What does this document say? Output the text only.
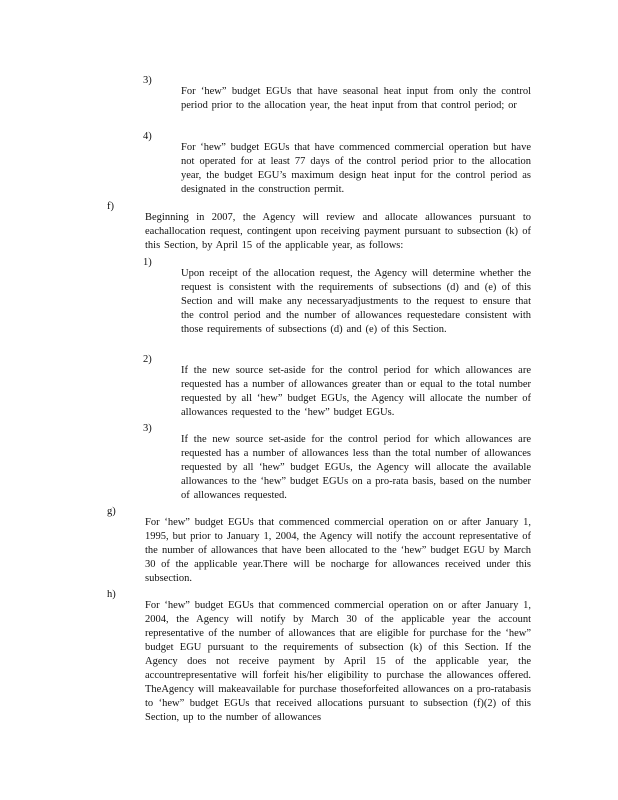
3)

For ‘hew” budget EGUs that have seasonal heat input from only the control period prior to the allocation year, the heat input from that control period; or

4)

For ‘hew” budget EGUs that have commenced commercial operation but have not operated for at least 77 days of the control period prior to the allocation year, the budget EGU’s maximum design heat input for the control period as designated in the construction permit.

f)

Beginning in 2007, the Agency will review and allocate allowances pursuant to eachallocation request, contingent upon receiving payment pursuant to subsection (k) of this Section, by April 15 of the applicable year, as follows:

1)

Upon receipt of the allocation request, the Agency will determine whether the request is consistent with the requirements of subsections (d) and (e) of this Section and will make any necessaryadjustments to the request to ensure that the control period and the number of allowances requestedare consistent with those requirements of subsections (d) and (e) of this Section.

2)

If the new source set-aside for the control period for which allowances are requested has a number of allowances greater than or equal to the total number requested by all ‘hew” budget EGUs, the Agency will allocate the number of allowances requested to the ‘hew” budget EGUs.

3)

If the new source set-aside for the control period for which allowances are requested has a number of allowances less than the total number of allowances requested by all ‘hew” budget EGUs, the Agency will allocate the available allowances to the ‘hew” budget EGUs on a pro-rata basis, based on the number of allowances requested.

g)

For ‘hew” budget EGUs that commenced commercial operation on or after January 1, 1995, but prior to January 1, 2004, the Agency will notify the account representative of the number of allowances that have been allocated to the ‘hew” budget EGU by March 30 of the applicable year.There will be nocharge for allowances received under this subsection.

h)

For ‘hew” budget EGUs that commenced commercial operation on or after January 1, 2004, the Agency will notify by March 30 of the applicable year the account representative of the number of allowances that are eligible for purchase for the ‘hew” budget EGU pursuant to the requirements of subsection (k) of this Section. If the Agency does not receive payment by April 15 of the applicable year, the accountrepresentative will forfeit his/her eligibility to purchase the allowances offered. TheAgency will makeavailable for purchase thoseforfeited allowances on a pro-ratabasis to ‘hew” budget EGUs that received allocations pursuant to subsection (f)(2) of this Section, up to the number of allowances
